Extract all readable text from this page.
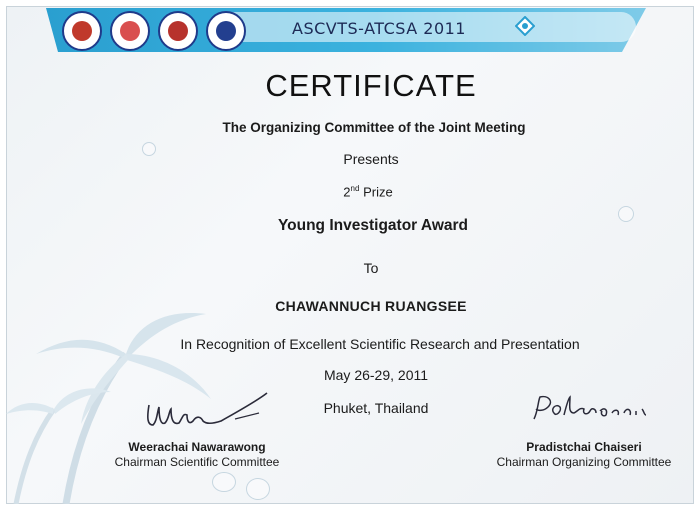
ASCVTS-ATCSA 2011
CERTIFICATE
The Organizing Committee of the Joint Meeting
Presents
2nd Prize
Young Investigator Award
To
CHAWANNUCH RUANGSEE
In Recognition of Excellent Scientific Research and Presentation
May 26-29, 2011
Phuket, Thailand
Weerachai Nawarawong
Chairman Scientific Committee
Pradistchai Chaiseri
Chairman Organizing Committee
